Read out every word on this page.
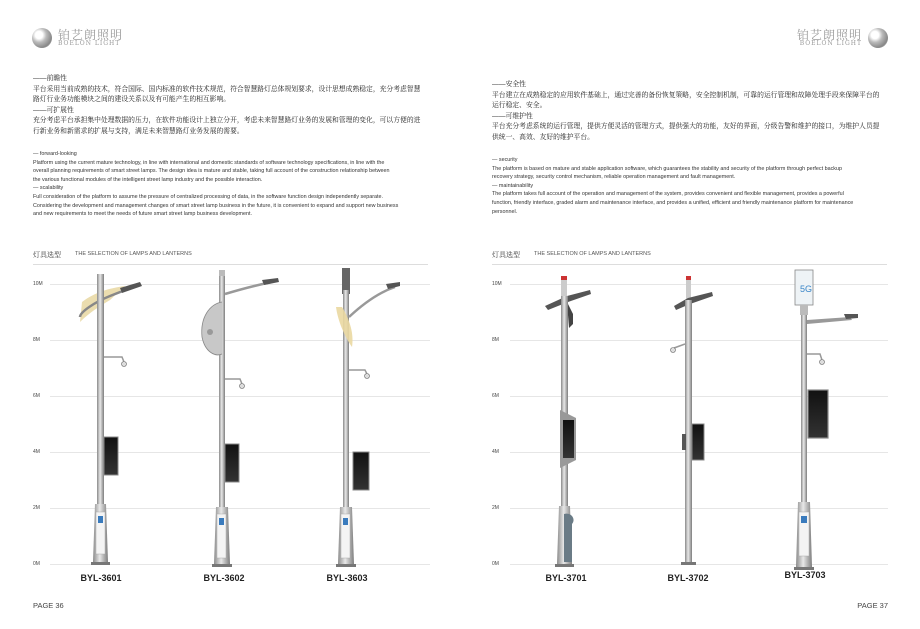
铂艺朗照明
BOELON LIGHT

——前瞻性

平台采用当前成熟的技术，符合国际、国内标准的软件技术规范，符合智慧路灯总体规划要求，设计思想成熟稳定，充分考虑智慧

路灯行业务功能模块之间的建设关系以及有可能产生的相互影响。

——可扩展性

充分考虑平台承担集中处理数据的压力，在软件功能设计上独立分开，考虑未来智慧路灯业务的发展和管理的变化，可以方便的进

行新业务和新需求的扩展与支持，满足未来智慧路灯业务发展的需要。

— forward-looking

Platform using the current mature technology, in line with international and domestic standards of software technology specifications, in line with the

overall planning requirements of smart street lamps. The design idea is mature and stable, taking full account of the construction relationship between

the various functional modules of the intelligent street lamp industry and the possible interaction.

— scalability

Full consideration of the platform to assume the pressure of centralized processing of data, in the software function design independently separate.

Considering the development and management changes of smart street lamp business in the future, it is convenient to expand and support new business

and new requirements to meet the needs of future smart street lamp business development.

灯具选型	THE SELECTION OF LAMPS AND LANTERNS
10M
8M
6M
4M
2M
0M
BYL-3601	BYL-3602	BYL-3603
PAGE 36
铂艺朗照明
BOELON LIGHT

——安全性

平台建立在成熟稳定的应用软件基础上，通过完善的备份恢复策略，安全控制机制，可靠的运行管理和故障处理手段来保障平台的

运行稳定、安全。

——可维护性

平台充分考虑系统的运行管理，提供方便灵活的管理方式，提供强大的功能，友好的界面，分级告警和维护的接口，为维护人员提

供统一、高效、友好的维护平台。

— security

The platform is based on mature and stable application software, which guarantees the stability and security of the platform through perfect backup

recovery strategy, security control mechanism, reliable operation management and fault management.

— maintainability

The platform takes full account of the operation and management of the system, provides convenient and flexible management, provides a powerful

function, friendly interface, graded alarm and maintenance interface, and provides a unified, efficient and friendly maintenance platform for maintenance

personnel.

灯具选型	THE SELECTION OF LAMPS AND LANTERNS
10M
8M
6M
4M
2M
0M
5G
BYL-3701	BYL-3702	BYL-3703
PAGE 37
